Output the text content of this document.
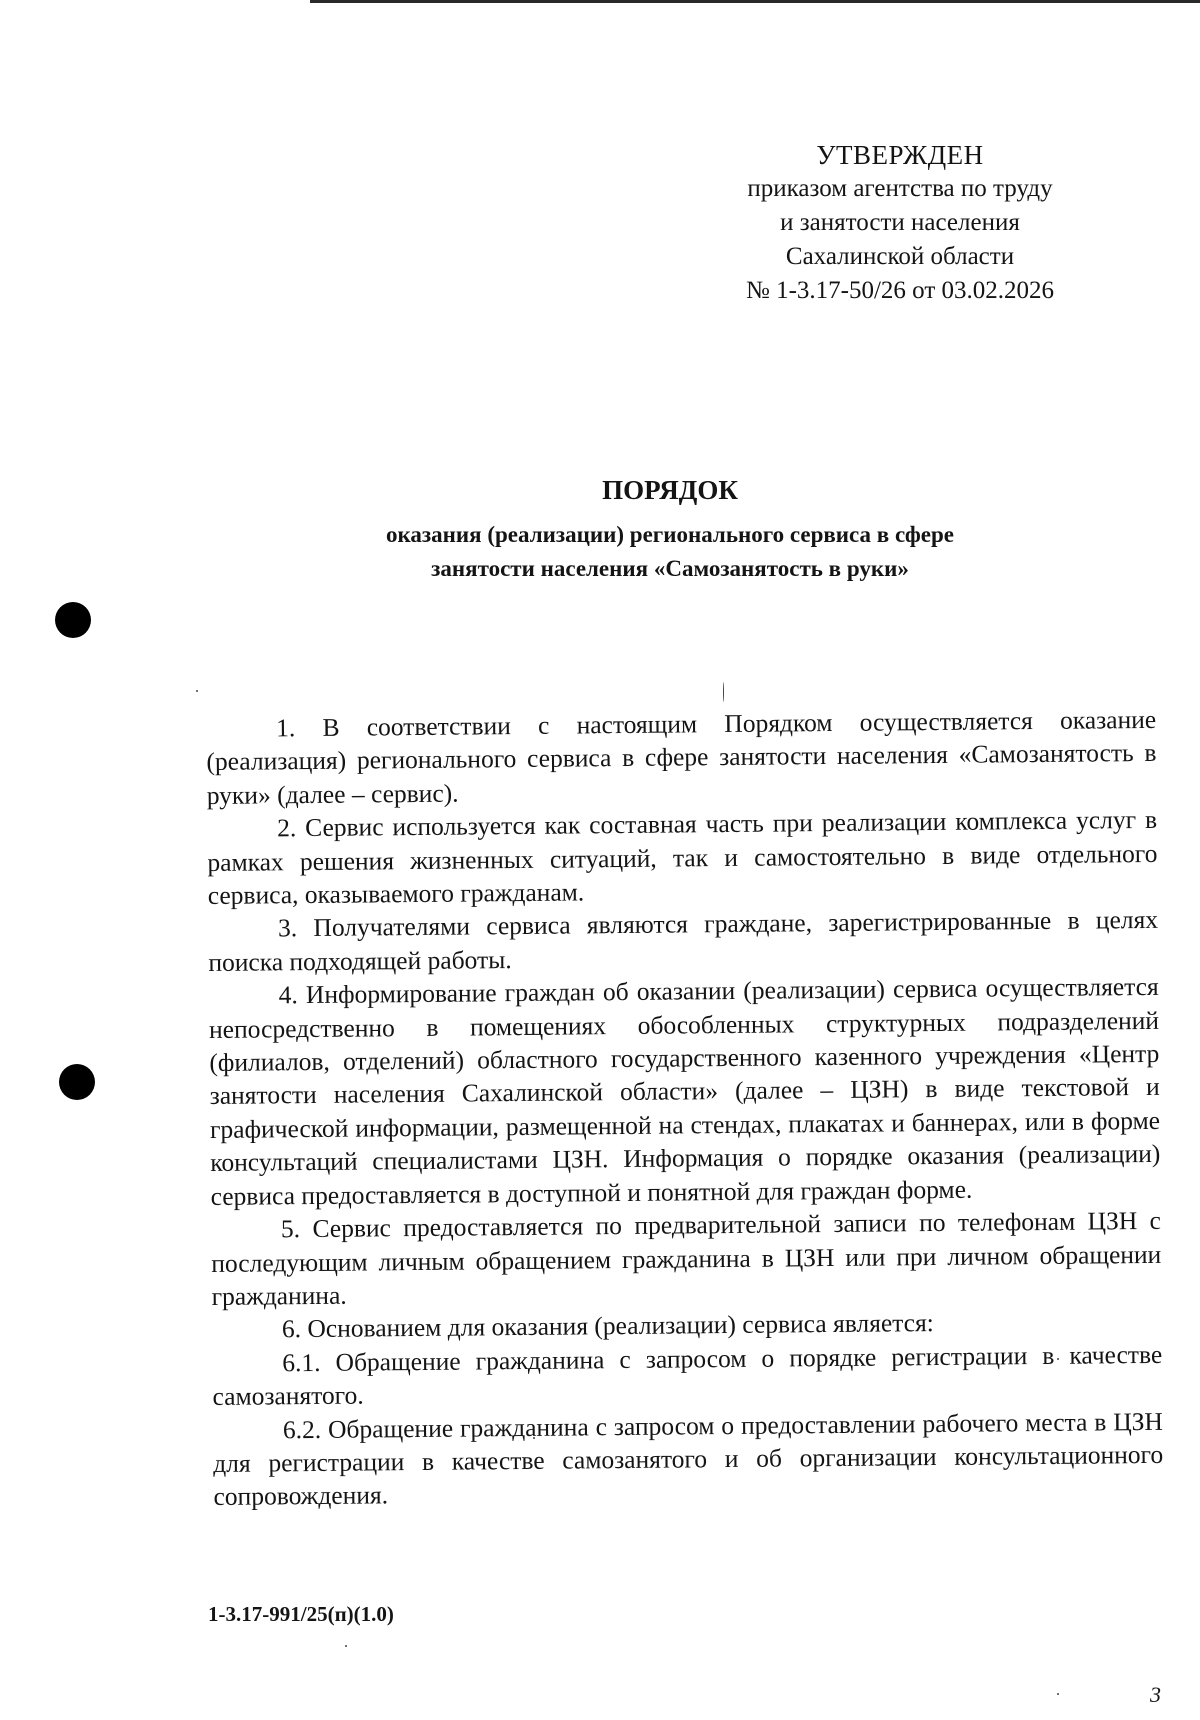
УТВЕРЖДЕН
приказом агентства по труду
и занятости населения
Сахалинской области
№ 1-3.17-50/26 от 03.02.2026
ПОРЯДОК
оказания (реализации) регионального сервиса в сфере занятости населения «Самозанятость в руки»

1. В соответствии с настоящим Порядком осуществляется оказание (реализация) регионального сервиса в сфере занятости населения «Самозанятость в руки» (далее – сервис).

2. Сервис используется как составная часть при реализации комплекса услуг в рамках решения жизненных ситуаций, так и самостоятельно в виде отдельного сервиса, оказываемого гражданам.

3. Получателями сервиса являются граждане, зарегистрированные в целях поиска подходящей работы.

4. Информирование граждан об оказании (реализации) сервиса осуществляется непосредственно в помещениях обособленных структурных подразделений (филиалов, отделений) областного государственного казенного учреждения «Центр занятости населения Сахалинской области» (далее – ЦЗН) в виде текстовой и графической информации, размещенной на стендах, плакатах и баннерах, или в форме консультаций специалистами ЦЗН. Информация о порядке оказания (реализации) сервиса предоставляется в доступной и понятной для граждан форме.

5. Сервис предоставляется по предварительной записи по телефонам ЦЗН с последующим личным обращением гражданина в ЦЗН или при личном обращении гражданина.

6. Основанием для оказания (реализации) сервиса является:

6.1. Обращение гражданина с запросом о порядке регистрации в качестве самозанятого.

6.2. Обращение гражданина с запросом о предоставлении рабочего места в ЦЗН для регистрации в качестве самозанятого и об организации консультационного сопровождения.

1-3.17-991/25(п)(1.0)
3
